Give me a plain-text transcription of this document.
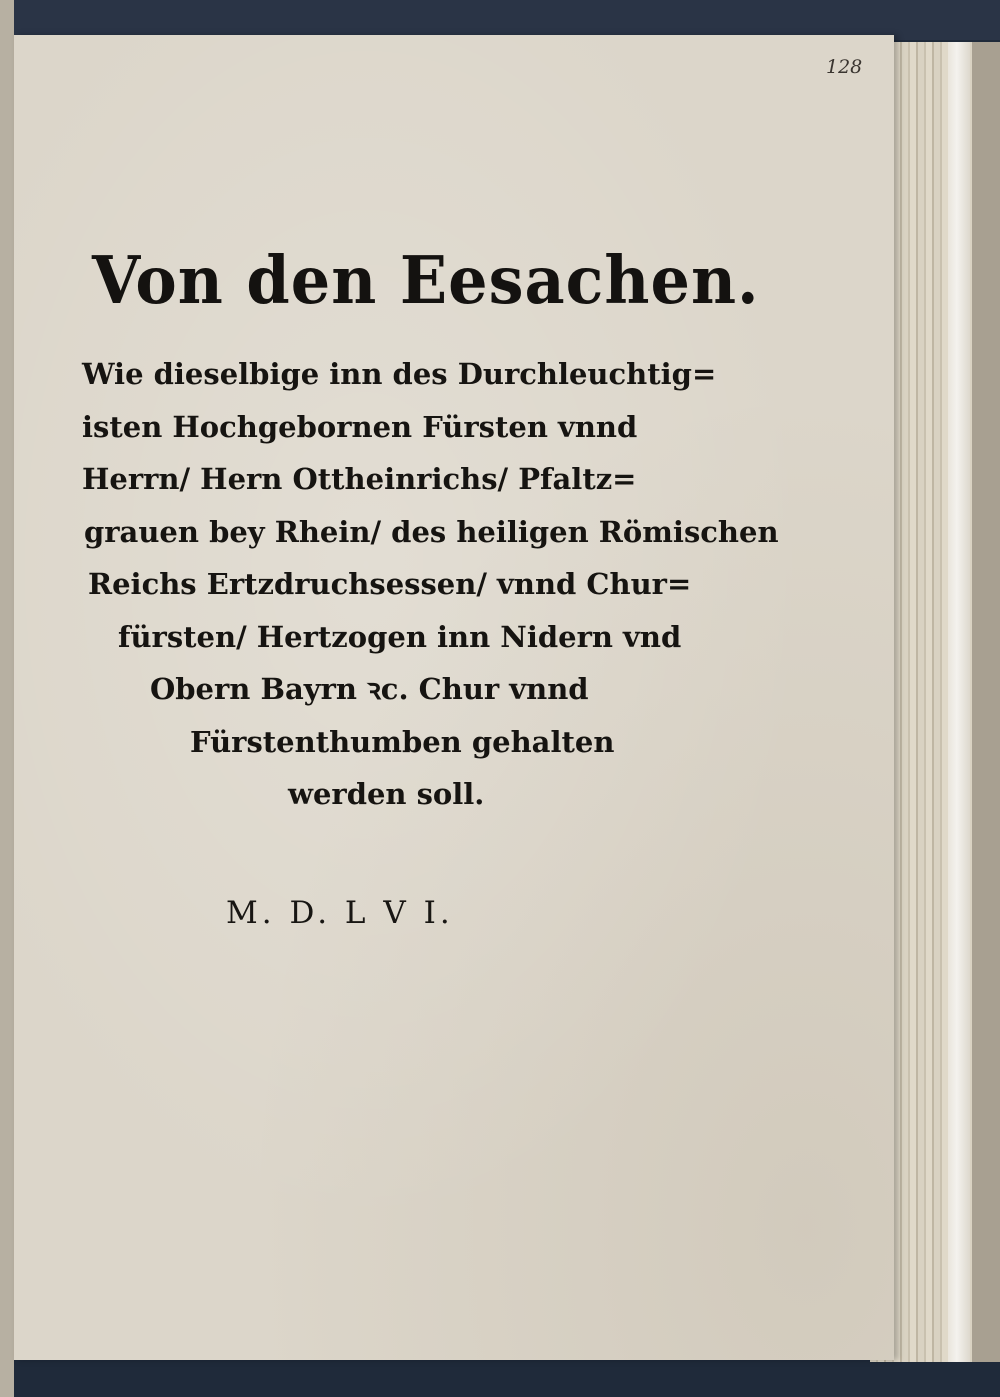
128
Von den Eesachen.
Wie dieselbige inn des Durchleuchtig=
isten Hochgebornen Fürsten vnnd
Herrn/ Hern Ottheinrichs/ Pfaltz=
grauen bey Rhein/ des heiligen Römischen
Reichs Ertzdruchsessen/ vnnd Chur=
fürsten/ Hertzogen inn Nidern vnd
Obern Bayrn ꝛc. Chur vnnd
Fürstenthumben gehalten
werden soll.
M. D. L V I.
